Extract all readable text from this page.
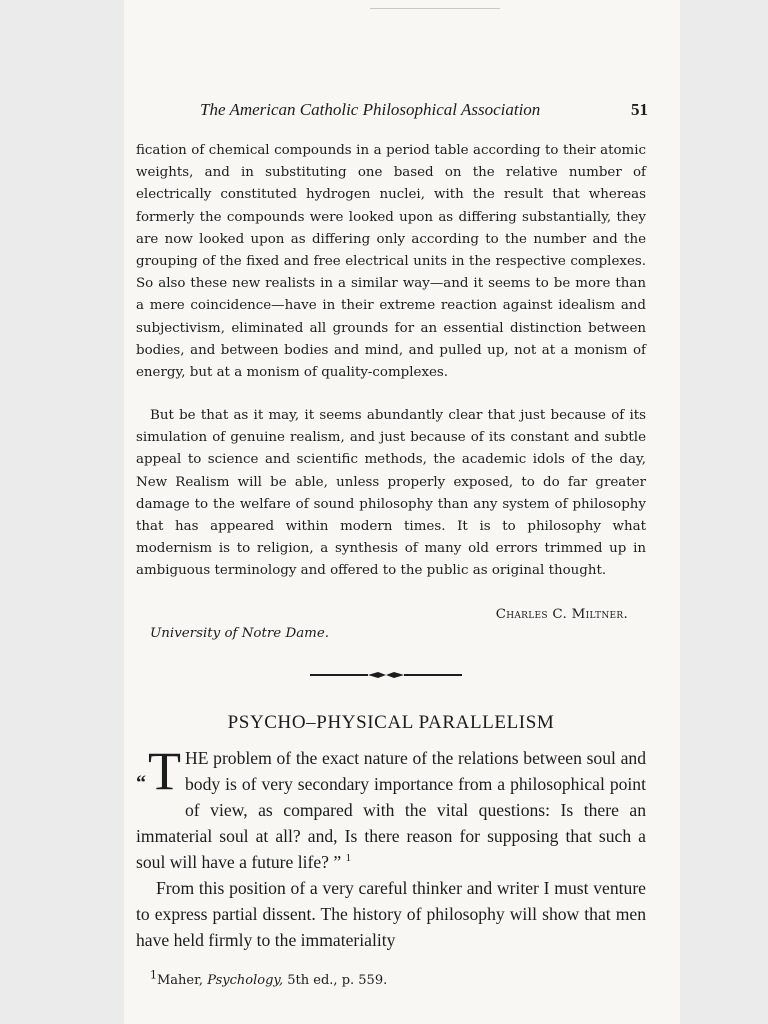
The American Catholic Philosophical Association	51

fication of chemical compounds in a period table according to their atomic weights, and in substituting one based on the relative number of electrically constituted hydrogen nuclei, with the result that whereas formerly the compounds were looked upon as differing substantially, they are now looked upon as differing only according to the number and the grouping of the fixed and free electrical units in the respective complexes. So also these new realists in a similar way—and it seems to be more than a mere coincidence—have in their extreme reaction against idealism and subjectivism, eliminated all grounds for an essential distinction between bodies, and between bodies and mind, and pulled up, not at a monism of energy, but at a monism of quality-complexes.

But be that as it may, it seems abundantly clear that just because of its simulation of genuine realism, and just because of its constant and subtle appeal to science and scientific methods, the academic idols of the day, New Realism will be able, unless properly exposed, to do far greater damage to the welfare of sound philosophy than any system of philosophy that has appeared within modern times. It is to philosophy what modernism is to religion, a synthesis of many old errors trimmed up in ambiguous terminology and offered to the public as original thought.

Charles C. Miltner.
University of Notre Dame.
PSYCHO–PHYSICAL PARALLELISM

“T HE problem of the exact nature of the relations between soul and body is of very secondary importance from a philosophical point of view, as compared with the vital questions: Is there an immaterial soul at all? and, Is there reason for supposing that such a soul will have a future life? ” $^1$

From this position of a very careful thinker and writer I must venture to express partial dissent. The history of philosophy will show that men have held firmly to the immateriality

$^1$Maher, Psychology, 5th ed., p. 559.
